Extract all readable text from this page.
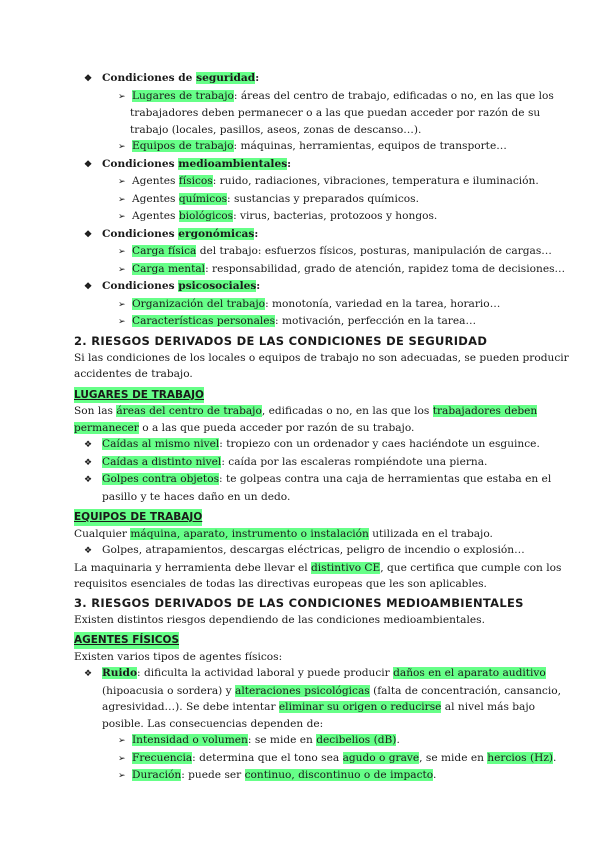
❖ Condiciones de seguridad:
➢ Lugares de trabajo: áreas del centro de trabajo, edificadas o no, en las que los
trabajadores deben permanecer o a las que puedan acceder por razón de su
trabajo (locales, pasillos, aseos, zonas de descanso…).
➢ Equipos de trabajo: máquinas, herramientas, equipos de transporte…
❖ Condiciones medioambientales:
➢ Agentes físicos: ruido, radiaciones, vibraciones, temperatura e iluminación.
➢ Agentes químicos: sustancias y preparados químicos.
➢ Agentes biológicos: virus, bacterias, protozoos y hongos.
❖ Condiciones ergonómicas:
➢ Carga física del trabajo: esfuerzos físicos, posturas, manipulación de cargas…
➢ Carga mental: responsabilidad, grado de atención, rapidez toma de decisiones…
❖ Condiciones psicosociales:
➢ Organización del trabajo: monotonía, variedad en la tarea, horario…
➢ Características personales: motivación, perfección en la tarea…
2. RIESGOS DERIVADOS DE LAS CONDICIONES DE SEGURIDAD
Si las condiciones de los locales o equipos de trabajo no son adecuadas, se pueden producir
accidentes de trabajo.
LUGARES DE TRABAJO
Son las áreas del centro de trabajo, edificadas o no, en las que los trabajadores deben
permanecer o a las que pueda acceder por razón de su trabajo.
❖ Caídas al mismo nivel: tropiezo con un ordenador y caes haciéndote un esguince.
❖ Caídas a distinto nivel: caída por las escaleras rompiéndote una pierna.
❖ Golpes contra objetos: te golpeas contra una caja de herramientas que estaba en el
pasillo y te haces daño en un dedo.
EQUIPOS DE TRABAJO
Cualquier máquina, aparato, instrumento o instalación utilizada en el trabajo.
❖ Golpes, atrapamientos, descargas eléctricas, peligro de incendio o explosión…
La maquinaria y herramienta debe llevar el distintivo CE, que certifica que cumple con los
requisitos esenciales de todas las directivas europeas que les son aplicables.
3. RIESGOS DERIVADOS DE LAS CONDICIONES MEDIOAMBIENTALES
Existen distintos riesgos dependiendo de las condiciones medioambientales.
AGENTES FÍSICOS
Existen varios tipos de agentes físicos:
❖ Ruido: dificulta la actividad laboral y puede producir daños en el aparato auditivo
(hipoacusia o sordera) y alteraciones psicológicas (falta de concentración, cansancio,
agresividad…). Se debe intentar eliminar su origen o reducirse al nivel más bajo
posible. Las consecuencias dependen de:
➢ Intensidad o volumen: se mide en decibelios (dB).
➢ Frecuencia: determina que el tono sea agudo o grave, se mide en hercios (Hz).
➢ Duración: puede ser continuo, discontinuo o de impacto.
